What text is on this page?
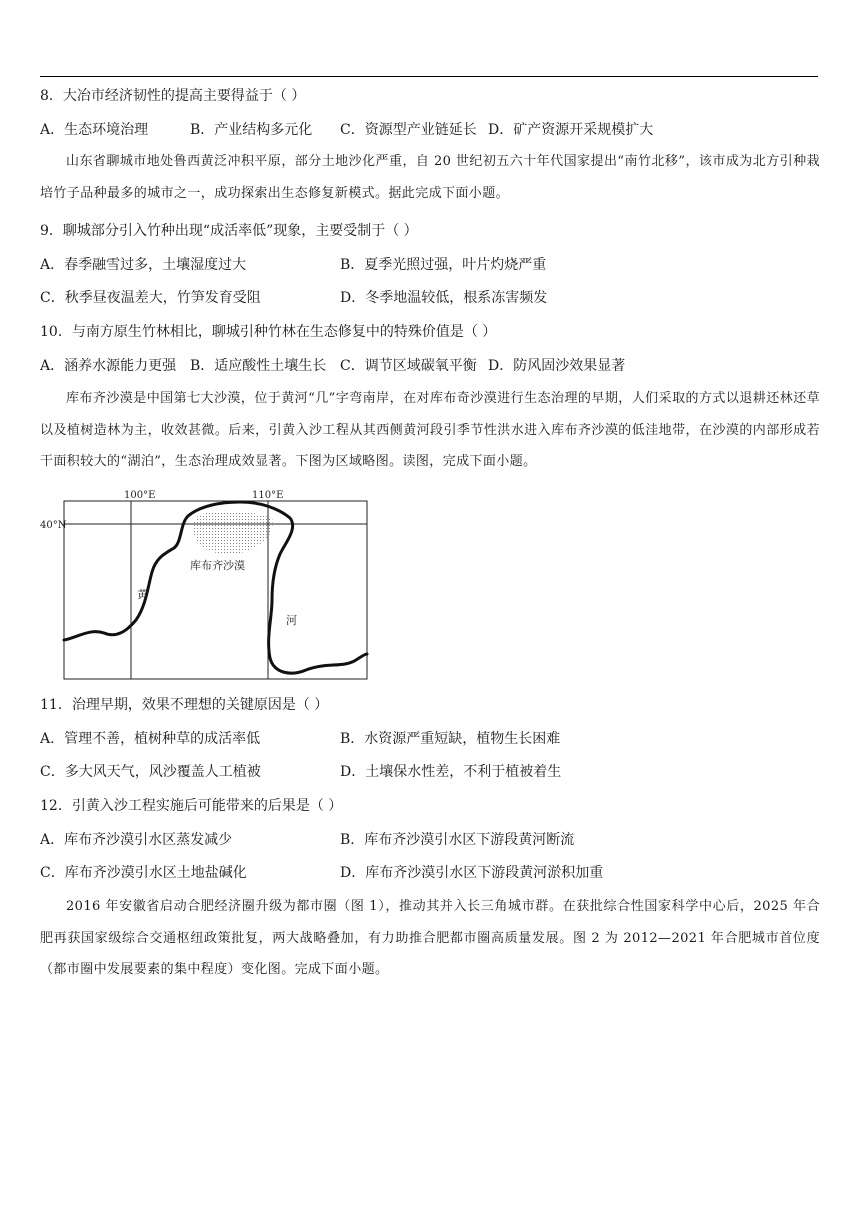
8．大冶市经济韧性的提高主要得益于（ ）
A．生态环境治理	B．产业结构多元化 C．资源型产业链延长 D．矿产资源开采规模扩大
山东省聊城市地处鲁西黄泛冲积平原，部分土地沙化严重，自 20 世纪初五六十年代国家提出“南竹北移”，该市成为北方引种栽培竹子品种最多的城市之一，成功探索出生态修复新模式。据此完成下面小题。
9．聊城部分引入竹种出现“成活率低”现象，主要受制于（ ）
A．春季融雪过多，土壤湿度过大	B．夏季光照过强，叶片灼烧严重
C．秋季昼夜温差大，竹笋发育受阻	D．冬季地温较低，根系冻害频发
10．与南方原生竹林相比，聊城引种竹林在生态修复中的特殊价值是（ ）
A．涵养水源能力更强 B．适应酸性土壤生长 C．调节区域碳氧平衡 D．防风固沙效果显著
库布齐沙漠是中国第七大沙漠，位于黄河“几”字弯南岸，在对库布奇沙漠进行生态治理的早期，人们采取的方式以退耕还林还草以及植树造林为主，收效甚微。后来，引黄入沙工程从其西侧黄河段引季节性洪水进入库布齐沙漠的低洼地带，在沙漠的内部形成若干面积较大的“湖泊”，生态治理成效显著。下图为区域略图。读图，完成下面小题。
100°E	110°E
40°N
库布齐沙漠
黄
河
11．治理早期，效果不理想的关键原因是（ ）
A．管理不善，植树种草的成活率低	B．水资源严重短缺，植物生长困难
C．多大风天气，风沙覆盖人工植被	D．土壤保水性差，不利于植被着生
12．引黄入沙工程实施后可能带来的后果是（ ）
A．库布齐沙漠引水区蒸发减少	B．库布齐沙漠引水区下游段黄河断流
C．库布齐沙漠引水区土地盐碱化	D．库布齐沙漠引水区下游段黄河淤积加重
2016 年安徽省启动合肥经济圈升级为都市圈（图 1），推动其并入长三角城市群。在获批综合性国家科学中心后，2025 年合肥再获国家级综合交通枢纽政策批复，两大战略叠加，有力助推合肥都市圈高质量发展。图 2 为 2012—2021 年合肥城市首位度（都市圈中发展要素的集中程度）变化图。完成下面小题。
